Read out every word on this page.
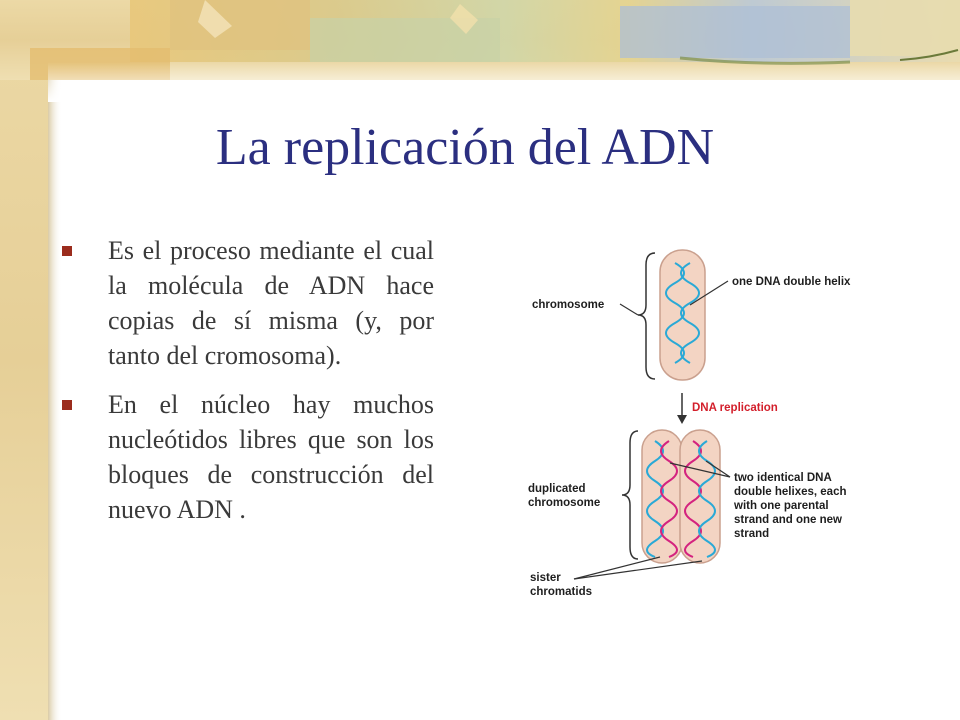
La replicación del ADN
Es el proceso mediante el cual la molécula de ADN hace copias de sí misma (y, por tanto del cromosoma).
En el núcleo hay muchos nucleótidos libres que son los bloques de construcción del nuevo ADN .
chromosome
one DNA double helix
DNA replication
duplicated
chromosome
two identical DNA
double helixes, each
with one parental
strand and one new
strand
sister
chromatids
